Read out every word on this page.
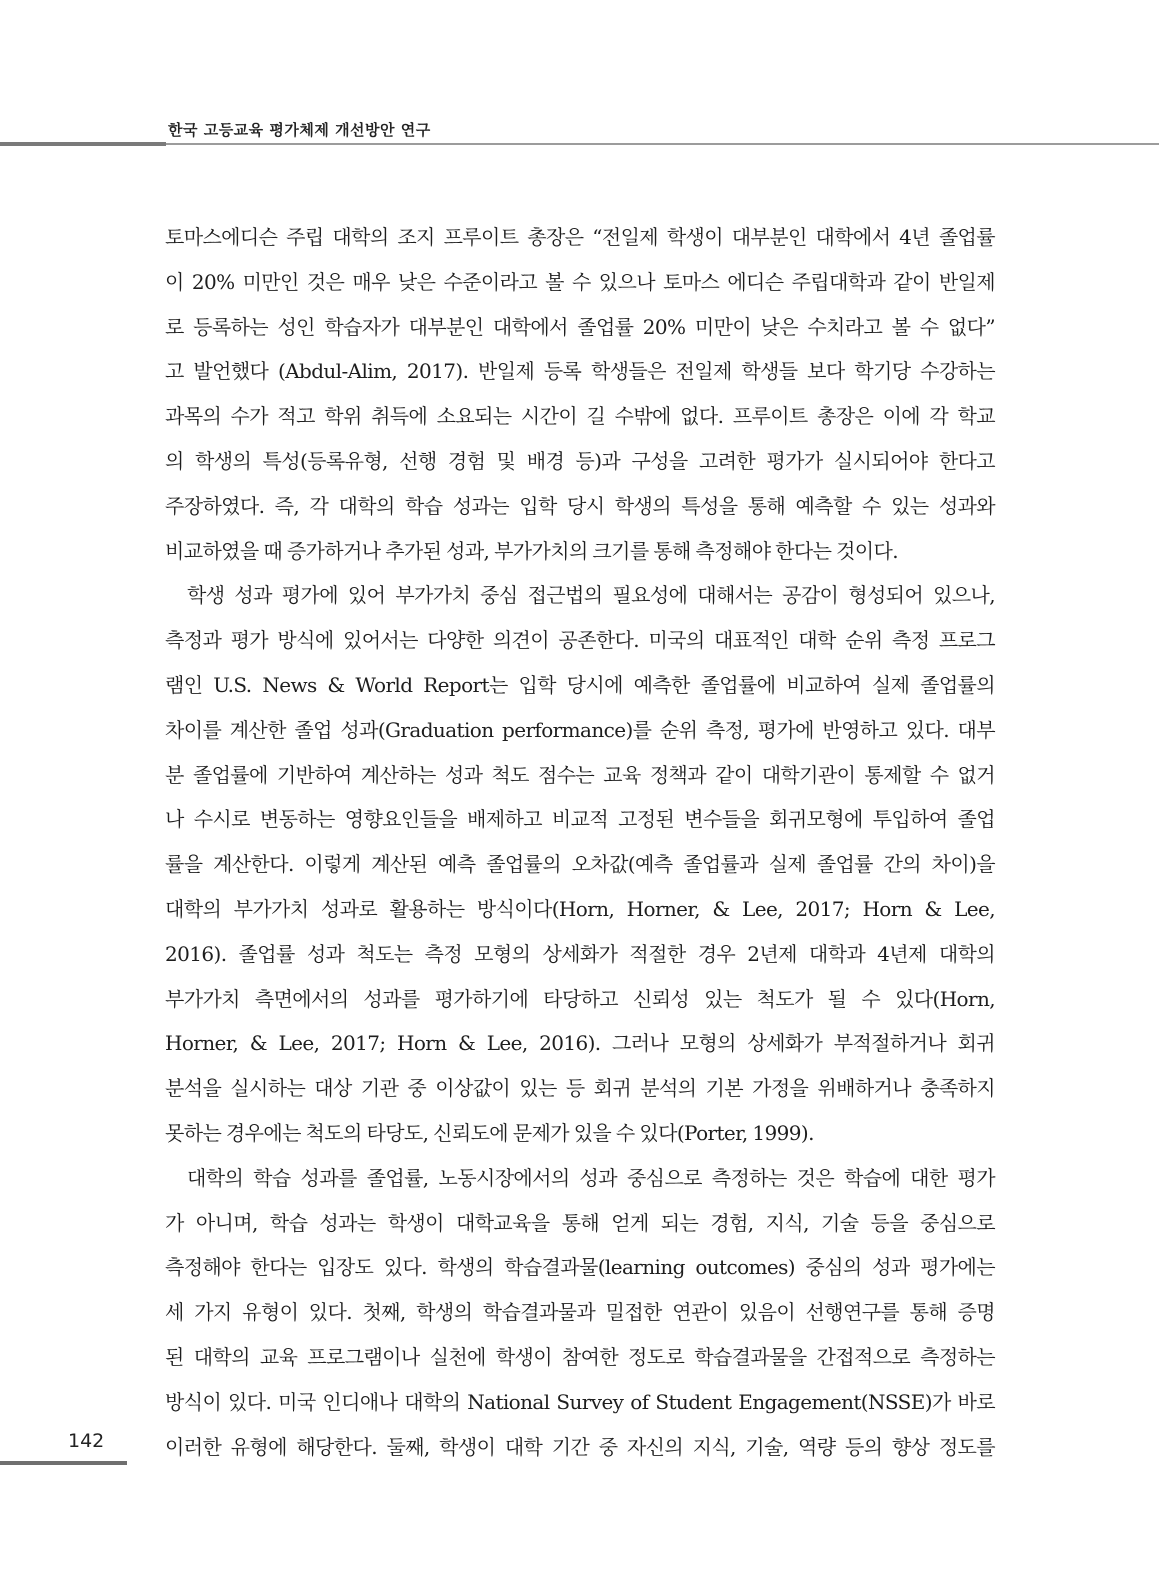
한국 고등교육 평가체제 개선방안 연구
토마스에디슨 주립 대학의 조지 프루이트 총장은 “전일제 학생이 대부분인 대학에서 4년 졸업률
이 20% 미만인 것은 매우 낮은 수준이라고 볼 수 있으나 토마스 에디슨 주립대학과 같이 반일제
로 등록하는 성인 학습자가 대부분인 대학에서 졸업률 20% 미만이 낮은 수치라고 볼 수 없다”
고 발언했다 (Abdul-Alim, 2017). 반일제 등록 학생들은 전일제 학생들 보다 학기당 수강하는
과목의 수가 적고 학위 취득에 소요되는 시간이 길 수밖에 없다. 프루이트 총장은 이에 각 학교
의 학생의 특성(등록유형, 선행 경험 및 배경 등)과 구성을 고려한 평가가 실시되어야 한다고
주장하였다. 즉, 각 대학의 학습 성과는 입학 당시 학생의 특성을 통해 예측할 수 있는 성과와
비교하였을 때 증가하거나 추가된 성과, 부가가치의 크기를 통해 측정해야 한다는 것이다.
학생 성과 평가에 있어 부가가치 중심 접근법의 필요성에 대해서는 공감이 형성되어 있으나,
측정과 평가 방식에 있어서는 다양한 의견이 공존한다. 미국의 대표적인 대학 순위 측정 프로그
램인 U.S. News & World Report는 입학 당시에 예측한 졸업률에 비교하여 실제 졸업률의
차이를 계산한 졸업 성과(Graduation performance)를 순위 측정, 평가에 반영하고 있다. 대부
분 졸업률에 기반하여 계산하는 성과 척도 점수는 교육 정책과 같이 대학기관이 통제할 수 없거
나 수시로 변동하는 영향요인들을 배제하고 비교적 고정된 변수들을 회귀모형에 투입하여 졸업
률을 계산한다. 이렇게 계산된 예측 졸업률의 오차값(예측 졸업률과 실제 졸업률 간의 차이)을
대학의 부가가치 성과로 활용하는 방식이다(Horn, Horner, & Lee, 2017; Horn & Lee,
2016). 졸업률 성과 척도는 측정 모형의 상세화가 적절한 경우 2년제 대학과 4년제 대학의
부가가치 측면에서의 성과를 평가하기에 타당하고 신뢰성 있는 척도가 될 수 있다(Horn,
Horner, & Lee, 2017; Horn & Lee, 2016). 그러나 모형의 상세화가 부적절하거나 회귀
분석을 실시하는 대상 기관 중 이상값이 있는 등 회귀 분석의 기본 가정을 위배하거나 충족하지
못하는 경우에는 척도의 타당도, 신뢰도에 문제가 있을 수 있다(Porter, 1999).
대학의 학습 성과를 졸업률, 노동시장에서의 성과 중심으로 측정하는 것은 학습에 대한 평가
가 아니며, 학습 성과는 학생이 대학교육을 통해 얻게 되는 경험, 지식, 기술 등을 중심으로
측정해야 한다는 입장도 있다. 학생의 학습결과물(learning outcomes) 중심의 성과 평가에는
세 가지 유형이 있다. 첫째, 학생의 학습결과물과 밀접한 연관이 있음이 선행연구를 통해 증명
된 대학의 교육 프로그램이나 실천에 학생이 참여한 정도로 학습결과물을 간접적으로 측정하는
방식이 있다. 미국 인디애나 대학의 National Survey of Student Engagement(NSSE)가 바로
이러한 유형에 해당한다. 둘째, 학생이 대학 기간 중 자신의 지식, 기술, 역량 등의 향상 정도를
142
